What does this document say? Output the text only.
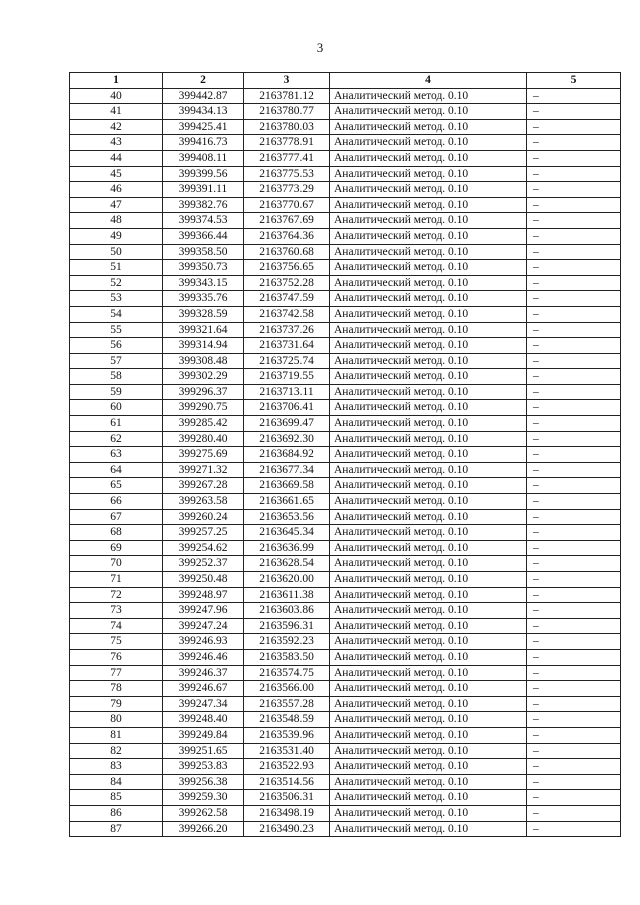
3
1	2	3	4	5
40	399442.87	2163781.12	Аналитический метод. 0.10	–
41	399434.13	2163780.77	Аналитический метод. 0.10	–
42	399425.41	2163780.03	Аналитический метод. 0.10	–
43	399416.73	2163778.91	Аналитический метод. 0.10	–
44	399408.11	2163777.41	Аналитический метод. 0.10	–
45	399399.56	2163775.53	Аналитический метод. 0.10	–
46	399391.11	2163773.29	Аналитический метод. 0.10	–
47	399382.76	2163770.67	Аналитический метод. 0.10	–
48	399374.53	2163767.69	Аналитический метод. 0.10	–
49	399366.44	2163764.36	Аналитический метод. 0.10	–
50	399358.50	2163760.68	Аналитический метод. 0.10	–
51	399350.73	2163756.65	Аналитический метод. 0.10	–
52	399343.15	2163752.28	Аналитический метод. 0.10	–
53	399335.76	2163747.59	Аналитический метод. 0.10	–
54	399328.59	2163742.58	Аналитический метод. 0.10	–
55	399321.64	2163737.26	Аналитический метод. 0.10	–
56	399314.94	2163731.64	Аналитический метод. 0.10	–
57	399308.48	2163725.74	Аналитический метод. 0.10	–
58	399302.29	2163719.55	Аналитический метод. 0.10	–
59	399296.37	2163713.11	Аналитический метод. 0.10	–
60	399290.75	2163706.41	Аналитический метод. 0.10	–
61	399285.42	2163699.47	Аналитический метод. 0.10	–
62	399280.40	2163692.30	Аналитический метод. 0.10	–
63	399275.69	2163684.92	Аналитический метод. 0.10	–
64	399271.32	2163677.34	Аналитический метод. 0.10	–
65	399267.28	2163669.58	Аналитический метод. 0.10	–
66	399263.58	2163661.65	Аналитический метод. 0.10	–
67	399260.24	2163653.56	Аналитический метод. 0.10	–
68	399257.25	2163645.34	Аналитический метод. 0.10	–
69	399254.62	2163636.99	Аналитический метод. 0.10	–
70	399252.37	2163628.54	Аналитический метод. 0.10	–
71	399250.48	2163620.00	Аналитический метод. 0.10	–
72	399248.97	2163611.38	Аналитический метод. 0.10	–
73	399247.96	2163603.86	Аналитический метод. 0.10	–
74	399247.24	2163596.31	Аналитический метод. 0.10	–
75	399246.93	2163592.23	Аналитический метод. 0.10	–
76	399246.46	2163583.50	Аналитический метод. 0.10	–
77	399246.37	2163574.75	Аналитический метод. 0.10	–
78	399246.67	2163566.00	Аналитический метод. 0.10	–
79	399247.34	2163557.28	Аналитический метод. 0.10	–
80	399248.40	2163548.59	Аналитический метод. 0.10	–
81	399249.84	2163539.96	Аналитический метод. 0.10	–
82	399251.65	2163531.40	Аналитический метод. 0.10	–
83	399253.83	2163522.93	Аналитический метод. 0.10	–
84	399256.38	2163514.56	Аналитический метод. 0.10	–
85	399259.30	2163506.31	Аналитический метод. 0.10	–
86	399262.58	2163498.19	Аналитический метод. 0.10	–
87	399266.20	2163490.23	Аналитический метод. 0.10	–
